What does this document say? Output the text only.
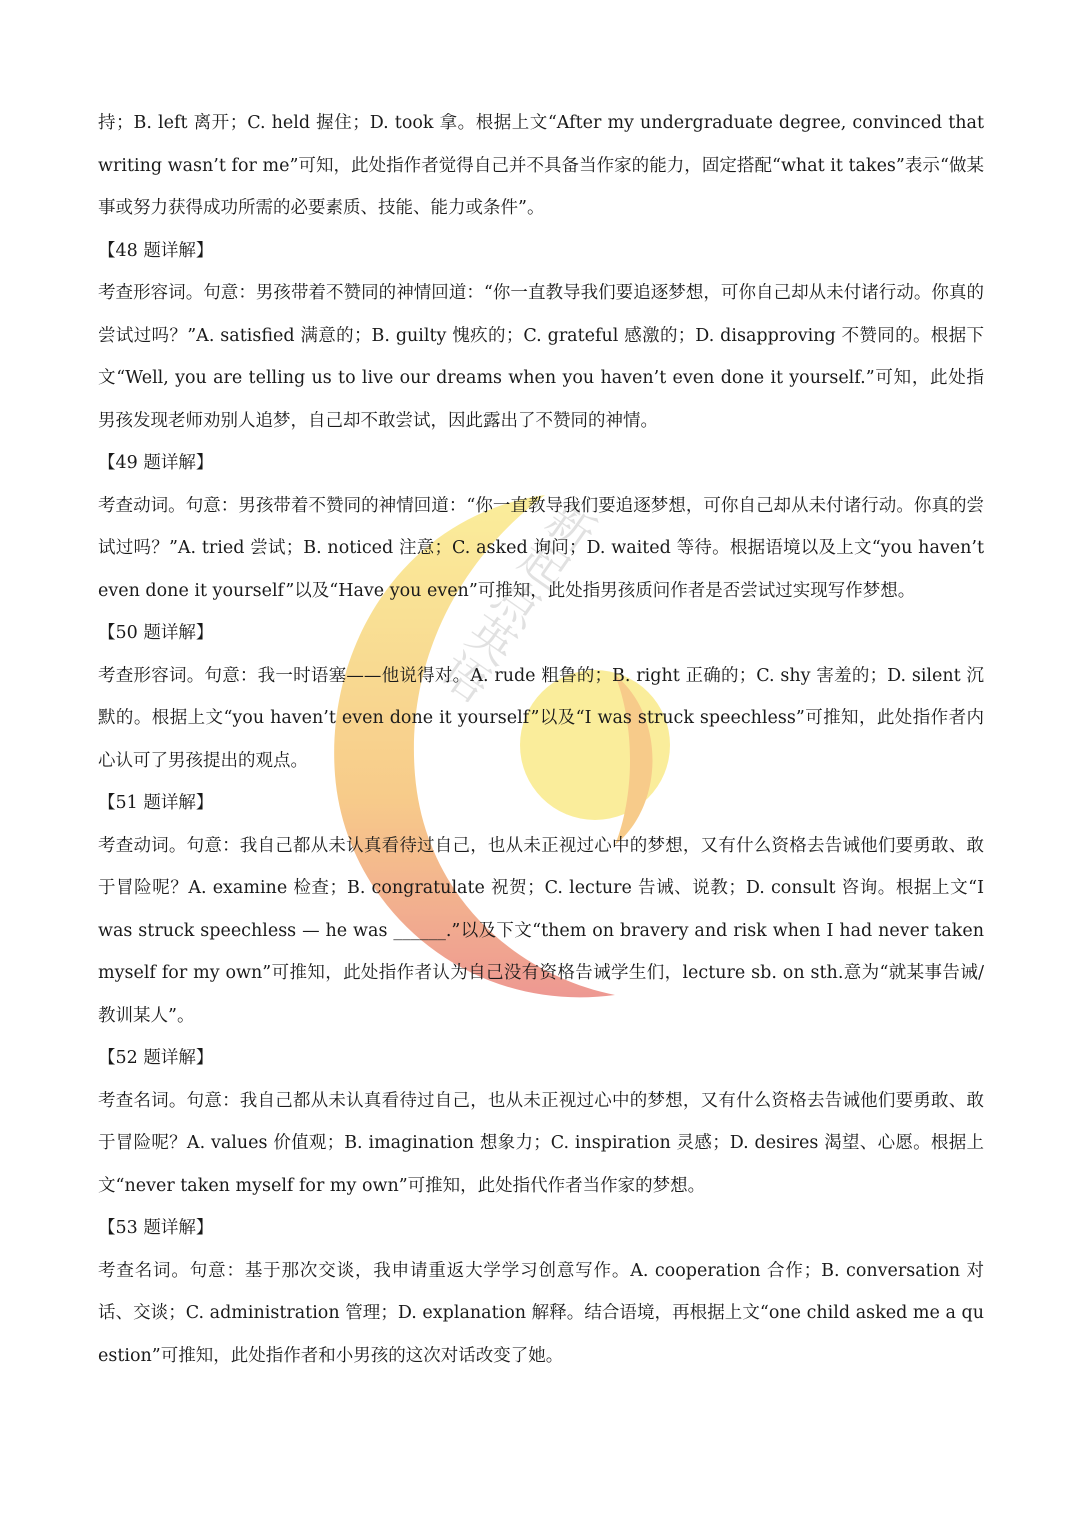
新 起 点 英 语

持；B. left 离开；C. held 握住；D. took 拿。根据上文“After my undergraduate degree, convinced that writing wasn’t for me”可知，此处指作者觉得自己并不具备当作家的能力，固定搭配“what it takes”表示“做某事或努力获得成功所需的必要素质、技能、能力或条件”。

【48 题详解】

考查形容词。句意：男孩带着不赞同的神情回道：“你一直教导我们要追逐梦想，可你自己却从未付诸行动。你真的尝试过吗？”A. satisfied 满意的；B. guilty 愧疚的；C. grateful 感激的；D. disapproving 不赞同的。根据下文“Well, you are telling us to live our dreams when you haven’t even done it yourself.”可知，此处指男孩发现老师劝别人追梦，自己却不敢尝试，因此露出了不赞同的神情。

【49 题详解】

考查动词。句意：男孩带着不赞同的神情回道：“你一直教导我们要追逐梦想，可你自己却从未付诸行动。你真的尝试过吗？”A. tried 尝试；B. noticed 注意；C. asked 询问；D. waited 等待。根据语境以及上文“you haven’t even done it yourself”以及“Have you even”可推知，此处指男孩质问作者是否尝试过实现写作梦想。

【50 题详解】

考查形容词。句意：我一时语塞——他说得对。A. rude 粗鲁的；B. right 正确的；C. shy 害羞的；D. silent 沉默的。根据上文“you haven’t even done it yourself”以及“I was struck speechless”可推知，此处指作者内心认可了男孩提出的观点。

【51 题详解】

考查动词。句意：我自己都从未认真看待过自己，也从未正视过心中的梦想，又有什么资格去告诫他们要勇敢、敢于冒险呢？A. examine 检查；B. congratulate 祝贺；C. lecture 告诫、说教；D. consult 咨询。根据上文“I was struck speechless — he was ______.”以及下文“them on bravery and risk when I had never taken myself for my own”可推知，此处指作者认为自己没有资格告诫学生们，lecture sb. on sth.意为“就某事告诫/教训某人”。

【52 题详解】

考查名词。句意：我自己都从未认真看待过自己，也从未正视过心中的梦想，又有什么资格去告诫他们要勇敢、敢于冒险呢？A. values 价值观；B. imagination 想象力；C. inspiration 灵感；D. desires 渴望、心愿。根据上文“never taken myself for my own”可推知，此处指代作者当作家的梦想。

【53 题详解】

考查名词。句意：基于那次交谈，我申请重返大学学习创意写作。A. cooperation 合作；B. conversation 对话、交谈；C. administration 管理；D. explanation 解释。结合语境，再根据上文“one child asked me a question”可推知，此处指作者和小男孩的这次对话改变了她。
